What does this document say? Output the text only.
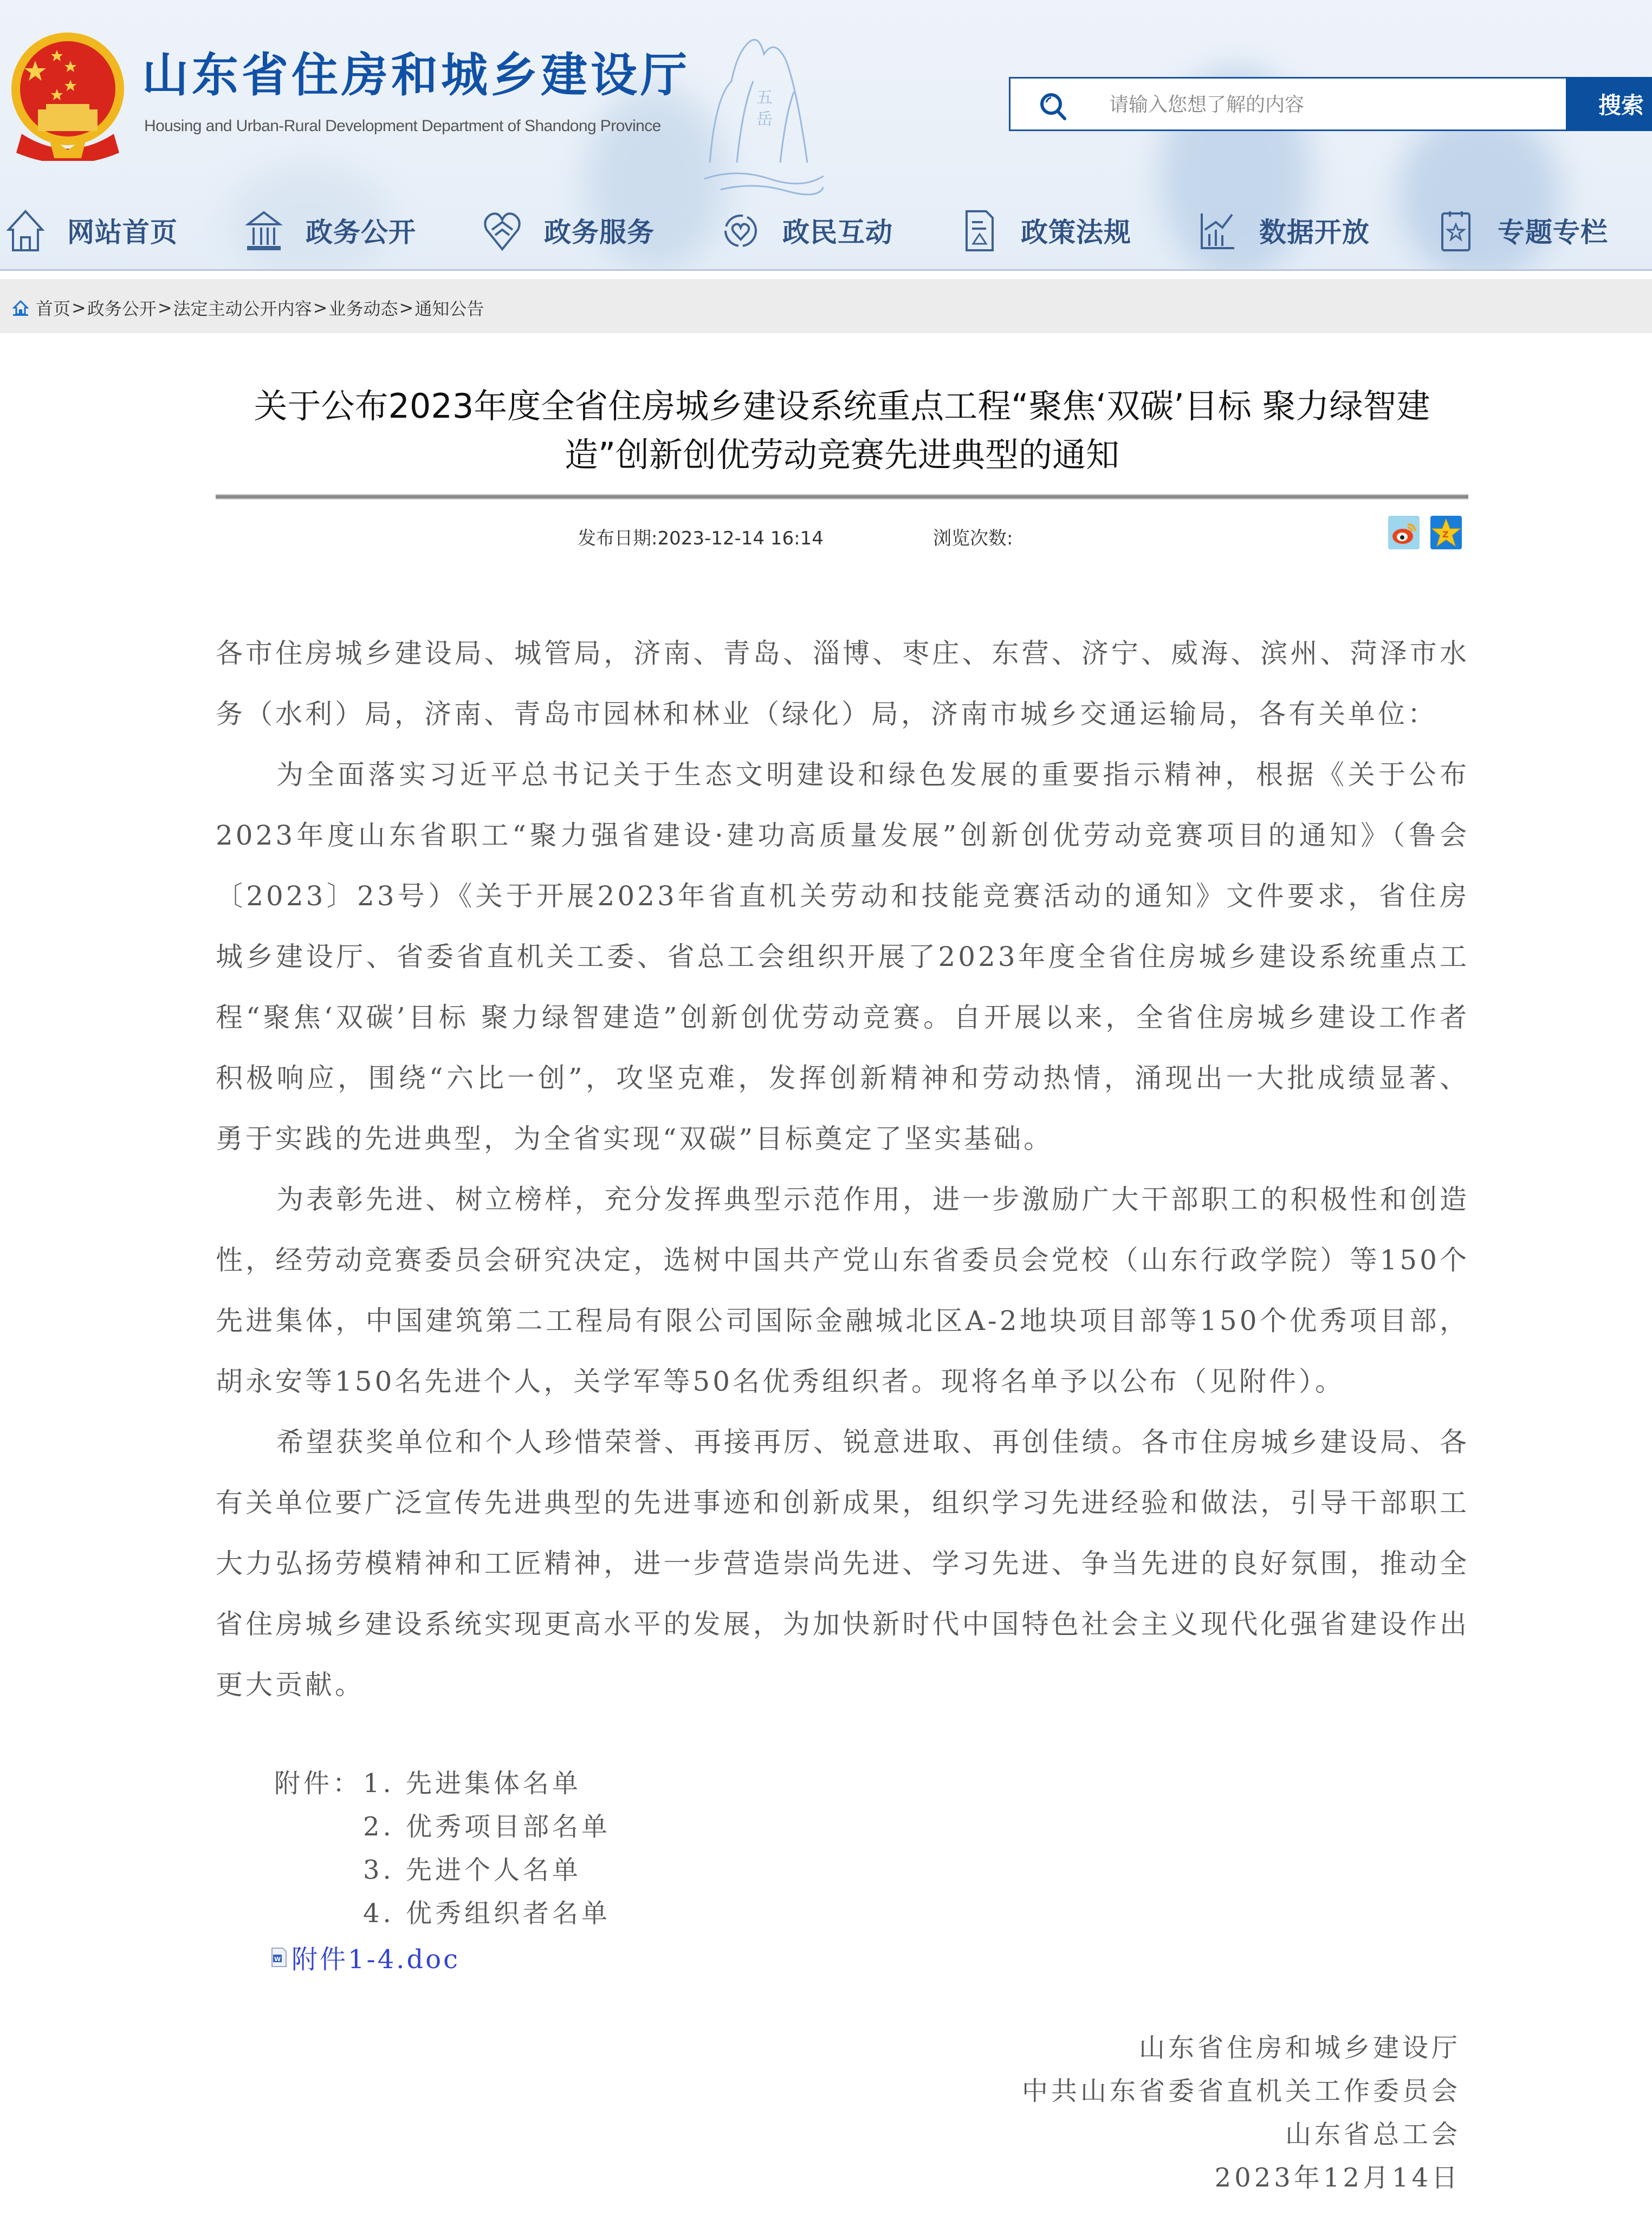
五
岳
山东省住房和城乡建设厅
Housing and Urban-Rural Development Department of Shandong Province
请输入您想了解的内容
搜索
网站首页	政务公开	政务服务	政民互动	政策法规	数据开放	专题专栏
首页 > 政务公开 > 法定主动公开内容 > 业务动态 > 通知公告
关于公布2023年度全省住房城乡建设系统重点工程“聚焦‘双碳’目标 聚力绿智建造”创新创优劳动竞赛先进典型的通知
发布日期:2023-12-14 16:14	浏览次数:	Z

各市住房城乡建设局、城管局，济南、青岛、淄博、枣庄、东营、济宁、威海、滨州、菏泽市水务（水利）局，济南、青岛市园林和林业（绿化）局，济南市城乡交通运输局，各有关单位：

为全面落实习近平总书记关于生态文明建设和绿色发展的重要指示精神，根据《关于公布2023年度山东省职工“聚力强省建设·建功高质量发展”创新创优劳动竞赛项目的通知》（鲁会〔2023〕23号）《关于开展2023年省直机关劳动和技能竞赛活动的通知》文件要求，省住房城乡建设厅、省委省直机关工委、省总工会组织开展了2023年度全省住房城乡建设系统重点工程“聚焦‘双碳’目标 聚力绿智建造”创新创优劳动竞赛。自开展以来，全省住房城乡建设工作者积极响应，围绕“六比一创”，攻坚克难，发挥创新精神和劳动热情，涌现出一大批成绩显著、勇于实践的先进典型，为全省实现“双碳”目标奠定了坚实基础。

为表彰先进、树立榜样，充分发挥典型示范作用，进一步激励广大干部职工的积极性和创造性，经劳动竞赛委员会研究决定，选树中国共产党山东省委员会党校（山东行政学院）等150个先进集体，中国建筑第二工程局有限公司国际金融城北区A-2地块项目部等150个优秀项目部，胡永安等150名先进个人，关学军等50名优秀组织者。现将名单予以公布（见附件）。

希望获奖单位和个人珍惜荣誉、再接再厉、锐意进取、再创佳绩。各市住房城乡建设局、各有关单位要广泛宣传先进典型的先进事迹和创新成果，组织学习先进经验和做法，引导干部职工大力弘扬劳模精神和工匠精神，进一步营造崇尚先进、学习先进、争当先进的良好氛围，推动全省住房城乡建设系统实现更高水平的发展，为加快新时代中国特色社会主义现代化强省建设作出更大贡献。

附件： 1. 先进集体名单
2. 优秀项目部名单
3. 先进个人名单
4. 优秀组织者名单
W 附件1-4.doc
山东省住房和城乡建设厅
中共山东省委省直机关工作委员会
山东省总工会
2023年12月14日
